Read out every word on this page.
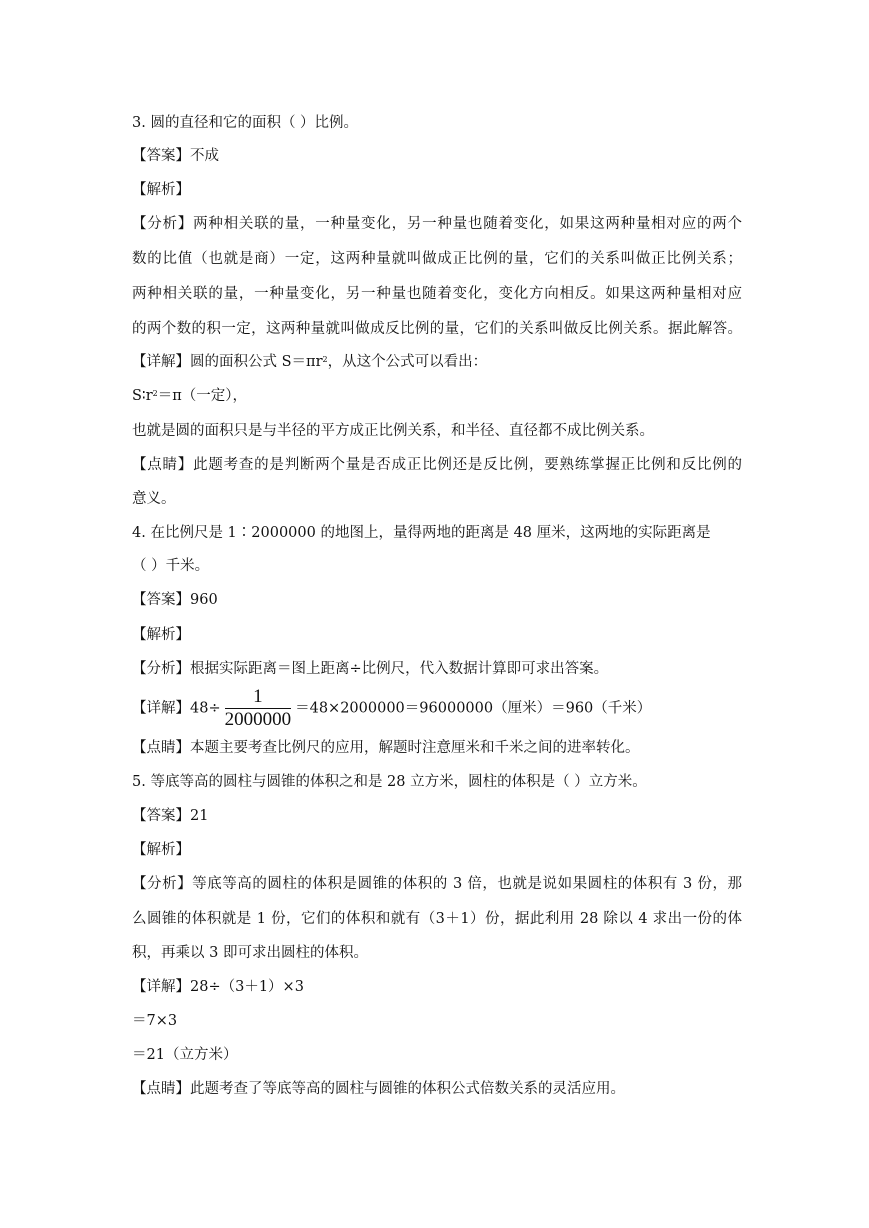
3. 圆的直径和它的面积（ ）比例。

【答案】不成

【解析】

【分析】两种相关联的量，一种量变化，另一种量也随着变化，如果这两种量相对应的两个

数的比值（也就是商）一定，这两种量就叫做成正比例的量，它们的关系叫做正比例关系；

两种相关联的量，一种量变化，另一种量也随着变化，变化方向相反。如果这两种量相对应

的两个数的积一定，这两种量就叫做成反比例的量，它们的关系叫做反比例关系。据此解答。

【详解】圆的面积公式 $S=\pi r^2$，从这个公式可以看出：

$S∶r^2=\pi$（一定），

也就是圆的面积只是与半径的平方成正比例关系，和半径、直径都不成比例关系。

【点睛】此题考查的是判断两个量是否成正比例还是反比例，要熟练掌握正比例和反比例的

意义。

4. 在比例尺是 1∶2000000 的地图上，量得两地的距离是 48 厘米，这两地的实际距离是

（ ）千米。

【答案】960

【解析】

【分析】根据实际距离＝图上距离÷比例尺，代入数据计算即可求出答案。

【详解】$48\div \frac{1}{2000000} =48\times 2000000=96000000$（厘米）＝960（千米）

【点睛】本题主要考查比例尺的应用，解题时注意厘米和千米之间的进率转化。

5. 等底等高的圆柱与圆锥的体积之和是 28 立方米，圆柱的体积是（ ）立方米。

【答案】21

【解析】

【分析】等底等高的圆柱的体积是圆锥的体积的 3 倍，也就是说如果圆柱的体积有 3 份，那

么圆锥的体积就是 1 份，它们的体积和就有（3＋1）份，据此利用 28 除以 4 求出一份的体

积，再乘以 3 即可求出圆柱的体积。

【详解】28÷（3＋1）×3

＝7×3

＝21（立方米）

【点睛】此题考查了等底等高的圆柱与圆锥的体积公式倍数关系的灵活应用。
